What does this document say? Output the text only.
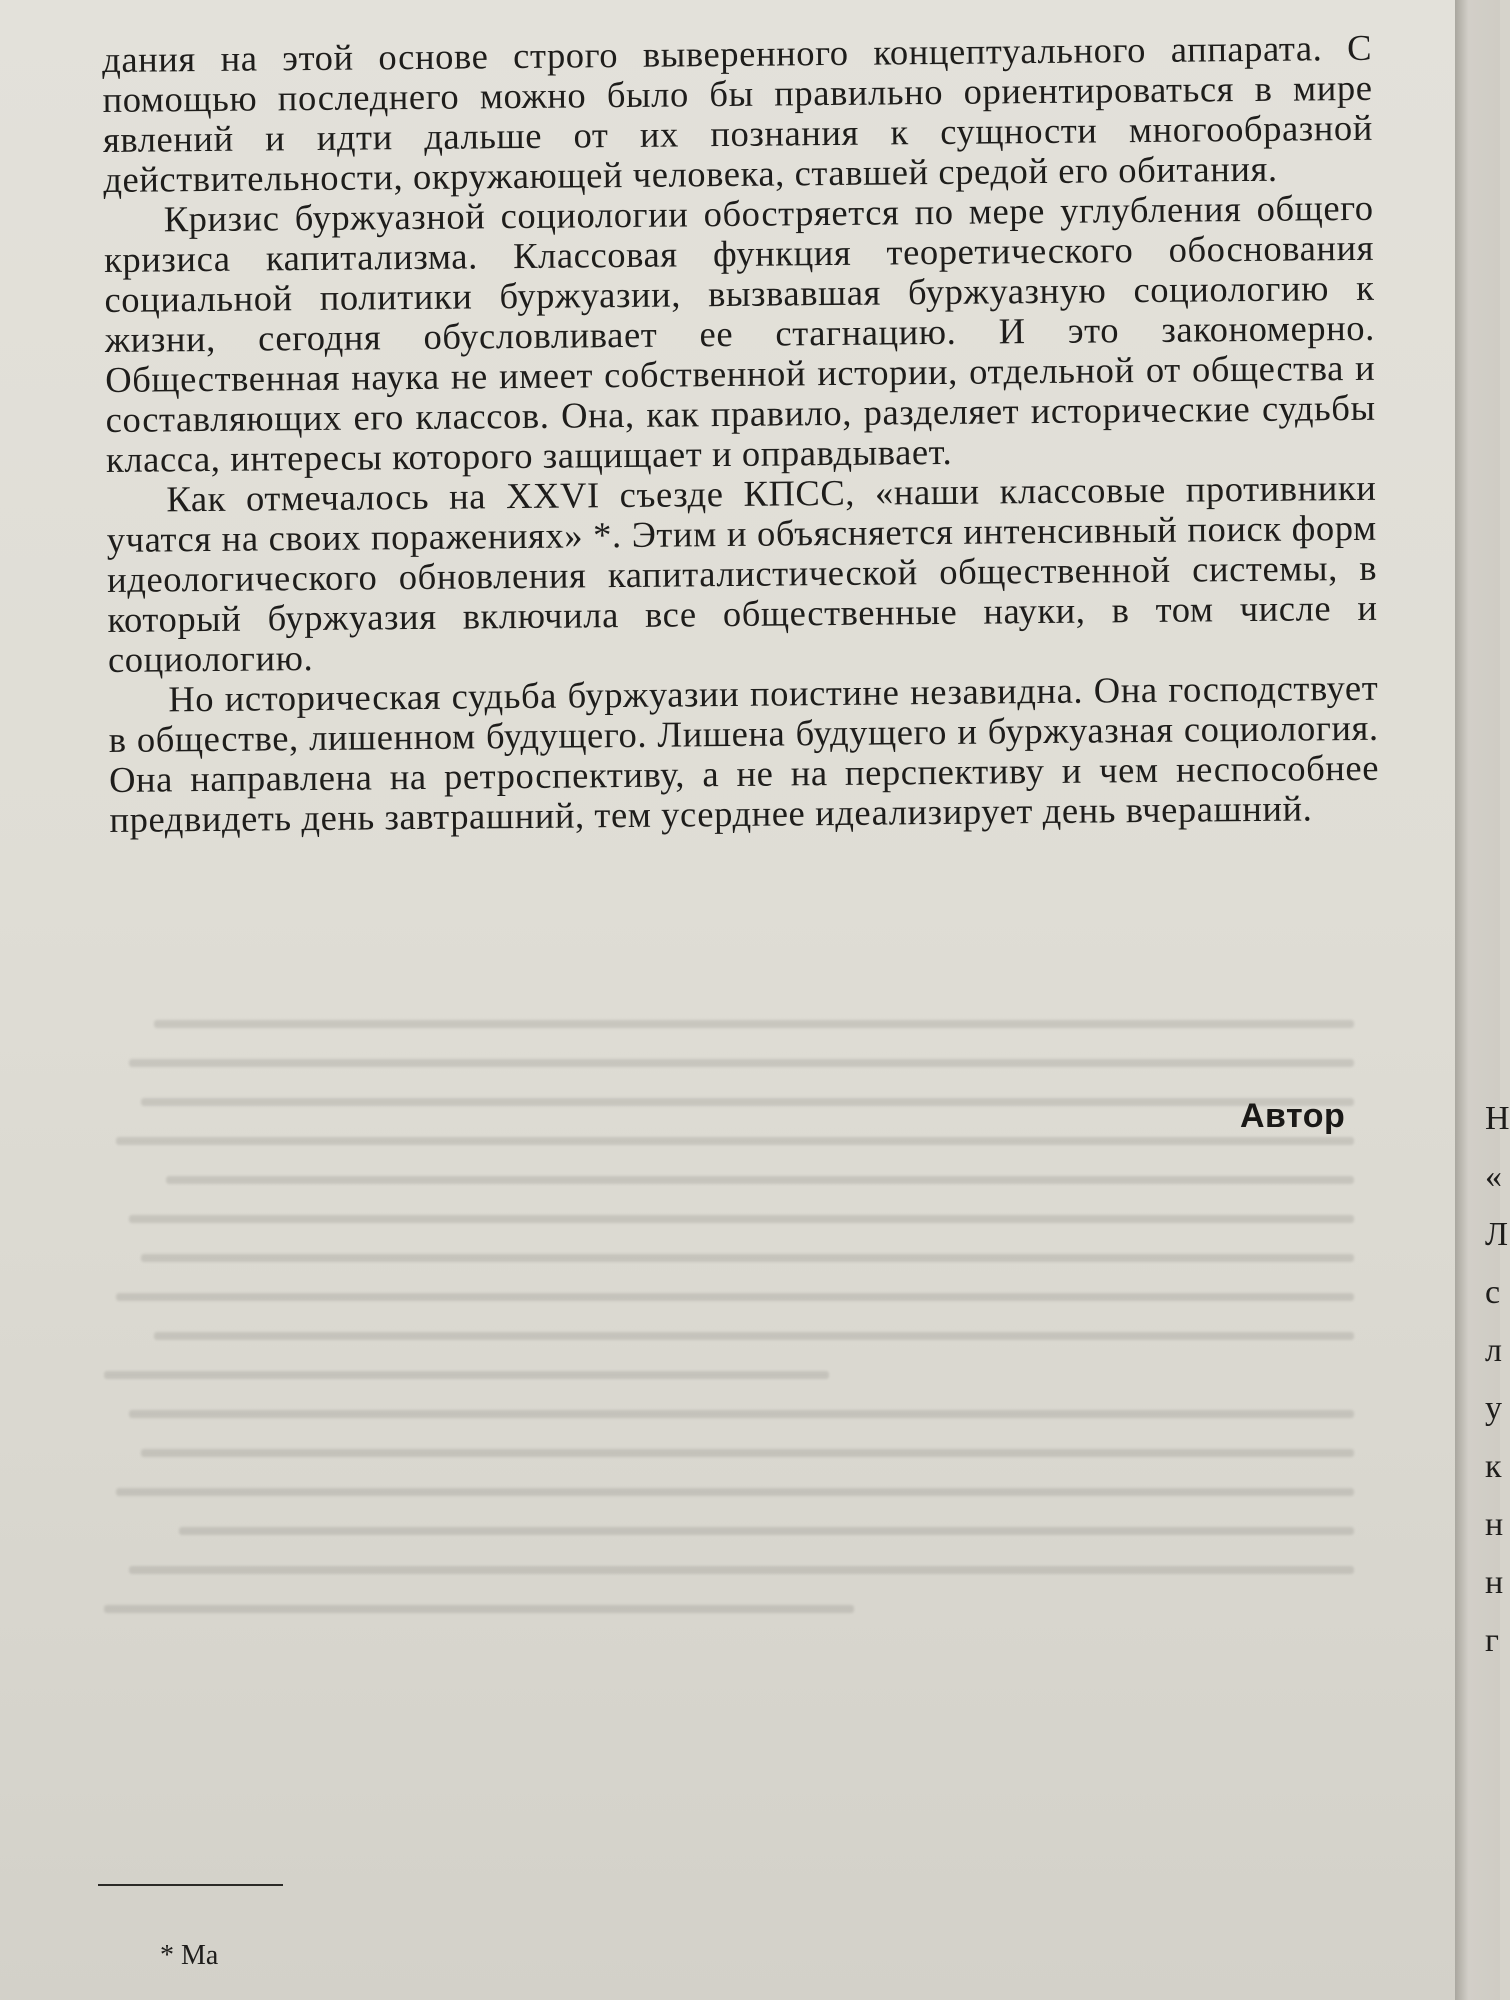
дания на этой основе строго выверенного концептуального аппарата. С помощью последнего можно было бы правильно ориентироваться в мире явлений и идти дальше от их познания к сущности многообразной действительности, окружающей человека, ставшей средой его обитания.

Кризис буржуазной социологии обостряется по мере углубления общего кризиса капитализма. Классовая функция теоретического обоснования социальной политики буржуазии, вызвавшая буржуазную социологию к жизни, сегодня обусловливает ее стагнацию. И это закономерно. Общественная наука не имеет собственной истории, отдельной от общества и составляющих его классов. Она, как правило, разделяет исторические судьбы класса, интересы которого защищает и оправдывает.

Как отмечалось на XXVI съезде КПСС, «наши классовые противники учатся на своих поражениях» *. Этим и объясняется интенсивный поиск форм идеологического обновления капиталистической общественной системы, в который буржуазия включила все общественные науки, в том числе и социологию.

Но историческая судьба буржуазии поистине незавидна. Она господствует в обществе, лишенном будущего. Лишена будущего и буржуазная социология. Она направлена на ретроспективу, а не на перспективу и чем неспособнее предвидеть день завтрашний, тем усерднее идеализирует день вчерашний.

Автор
* Ма
Н
«
Л
с
л
у
к
н
н
г
